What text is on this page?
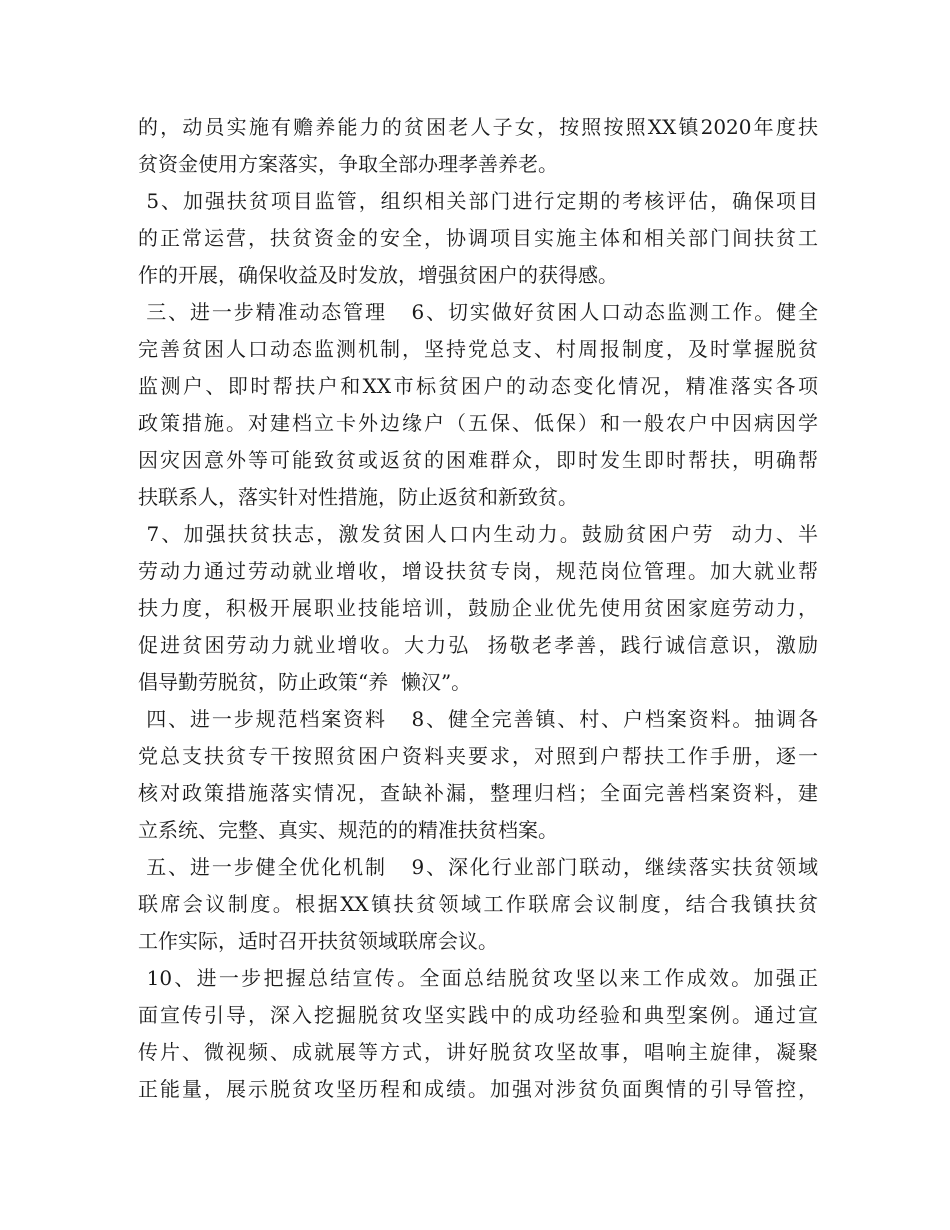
的，动员实施有赡养能力的贫困老人子女，按照按照XX镇2020年度扶
贫资金使用方案落实，争取全部办理孝善养老。
5、加强扶贫项目监管，组织相关部门进行定期的考核评估，确保项目
的正常运营，扶贫资金的安全，协调项目实施主体和相关部门间扶贫工
作的开展，确保收益及时发放，增强贫困户的获得感。
三、进一步精准动态管理   6、切实做好贫困人口动态监测工作。健全
完善贫困人口动态监测机制，坚持党总支、村周报制度，及时掌握脱贫
监测户、即时帮扶户和XX市标贫困户的动态变化情况，精准落实各项
政策措施。对建档立卡外边缘户（五保、低保）和一般农户中因病因学
因灾因意外等可能致贫或返贫的困难群众，即时发生即时帮扶，明确帮
扶联系人，落实针对性措施，防止返贫和新致贫。
7、加强扶贫扶志，激发贫困人口内生动力。鼓励贫困户劳  动力、半
劳动力通过劳动就业增收，增设扶贫专岗，规范岗位管理。加大就业帮
扶力度，积极开展职业技能培训，鼓励企业优先使用贫困家庭劳动力，
促进贫困劳动力就业增收。大力弘  扬敬老孝善，践行诚信意识，激励
倡导勤劳脱贫，防止政策“养  懒汉”。
四、进一步规范档案资料   8、健全完善镇、村、户档案资料。抽调各
党总支扶贫专干按照贫困户资料夹要求，对照到户帮扶工作手册，逐一
核对政策措施落实情况，查缺补漏，整理归档；全面完善档案资料，建
立系统、完整、真实、规范的的精准扶贫档案。
五、进一步健全优化机制   9、深化行业部门联动，继续落实扶贫领域
联席会议制度。根据XX镇扶贫领域工作联席会议制度，结合我镇扶贫
工作实际，适时召开扶贫领域联席会议。
10、进一步把握总结宣传。全面总结脱贫攻坚以来工作成效。加强正
面宣传引导，深入挖掘脱贫攻坚实践中的成功经验和典型案例。通过宣
传片、微视频、成就展等方式，讲好脱贫攻坚故事，唱响主旋律，凝聚
正能量，展示脱贫攻坚历程和成绩。加强对涉贫负面舆情的引导管控，
